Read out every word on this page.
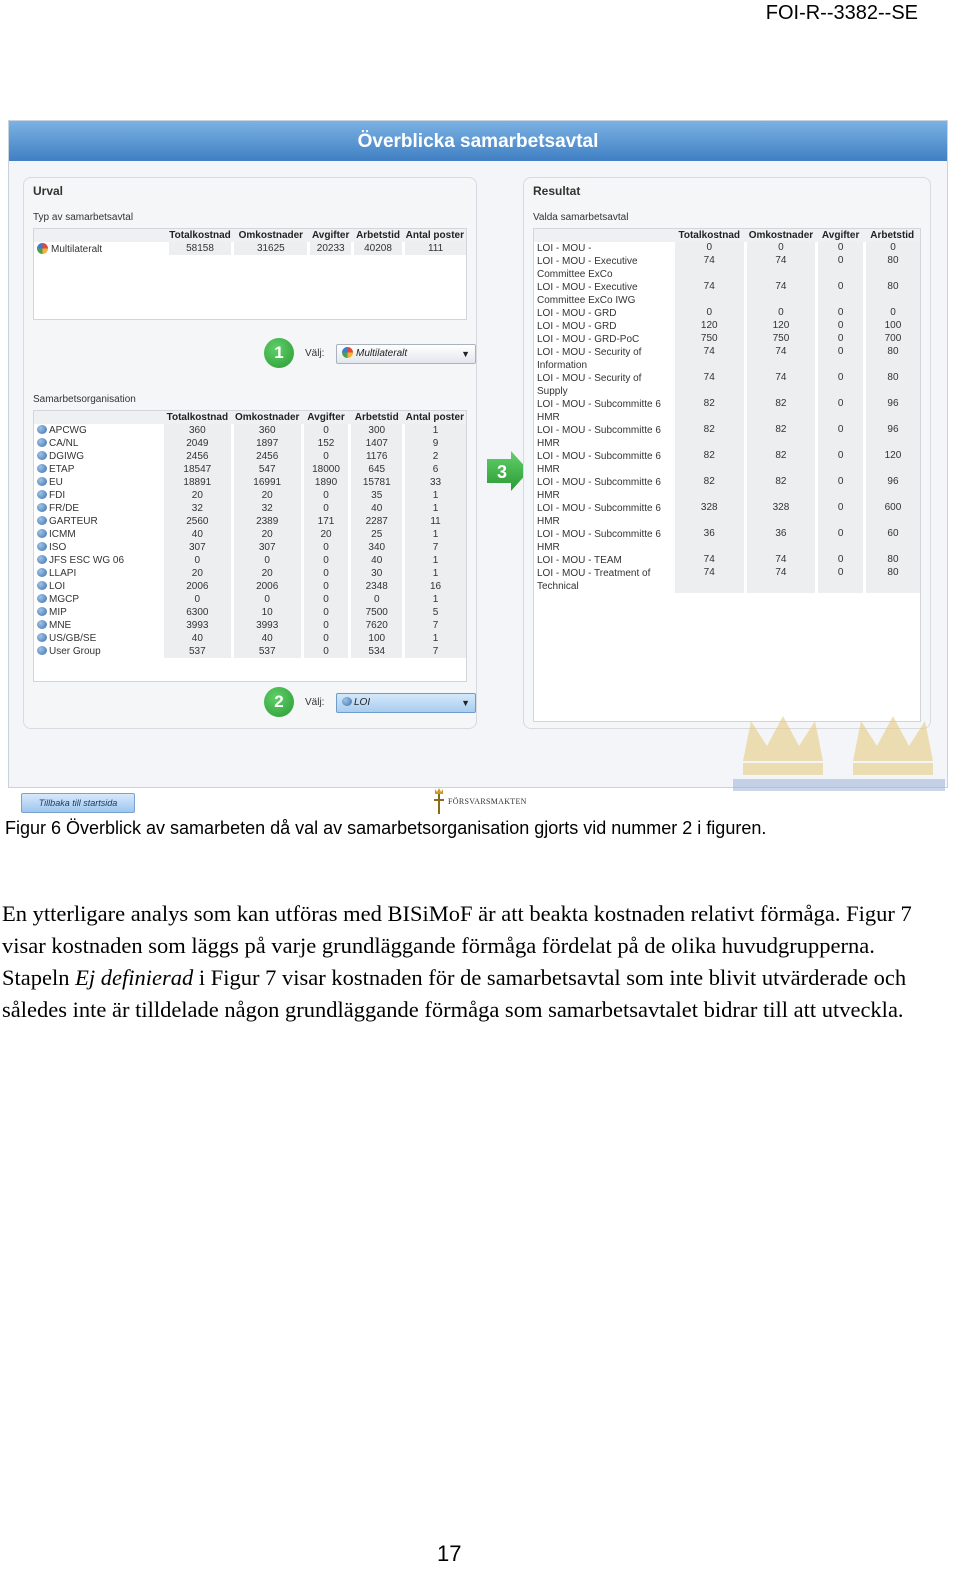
FOI-R--3382--SE
Överblicka samarbetsavtal
Urval
Typ av samarbetsavtal
	Totalkostnad	Omkostnader	Avgifter	Arbetstid	Antal poster
Multilateralt	58158	31625	20233	40208	111
1	Välj:	Multilateralt	▼
Samarbetsorganisation
	Totalkostnad	Omkostnader	Avgifter	Arbetstid	Antal poster
APCWG	360	360	0	300	1
CA/NL	2049	1897	152	1407	9
DGIWG	2456	2456	0	1176	2
ETAP	18547	547	18000	645	6
EU	18891	16991	1890	15781	33
FDI	20	20	0	35	1
FR/DE	32	32	0	40	1
GARTEUR	2560	2389	171	2287	11
ICMM	40	20	20	25	1
ISO	307	307	0	340	7
JFS ESC WG 06	0	0	0	40	1
LLAPI	20	20	0	30	1
LOI	2006	2006	0	2348	16
MGCP	0	0	0	0	1
MIP	6300	10	0	7500	5
MNE	3993	3993	0	7620	7
US/GB/SE	40	40	0	100	1
User Group	537	537	0	534	7
2	Välj:	LOI	▼
3
Resultat
Valda samarbetsavtal
	Totalkostnad	Omkostnader	Avgifter	Arbetstid
LOI - MOU -	0	0	0	0
LOI - MOU - Executive
Committee ExCo	74	74	0	80
LOI - MOU - Executive
Committee ExCo IWG	74	74	0	80
LOI - MOU - GRD	0	0	0	0
LOI - MOU - GRD	120	120	0	100
LOI - MOU - GRD-PoC	750	750	0	700
LOI - MOU - Security of
Information	74	74	0	80
LOI - MOU - Security of
Supply	74	74	0	80
LOI - MOU - Subcommitte 6
HMR	82	82	0	96
LOI - MOU - Subcommitte 6
HMR	82	82	0	96
LOI - MOU - Subcommitte 6
HMR	82	82	0	120
LOI - MOU - Subcommitte 6
HMR	82	82	0	96
LOI - MOU - Subcommitte 6
HMR	328	328	0	600
LOI - MOU - Subcommitte 6
HMR	36	36	0	60
LOI - MOU - TEAM	74	74	0	80
LOI - MOU - Treatment of
Technical	74	74	0	80
Tillbaka till startsida	FÖRSVARSMAKTEN
Figur 6 Överblick av samarbeten då val av samarbetsorganisation gjorts vid nummer 2 i figuren.

En ytterligare analys som kan utföras med BISiMoF är att beakta kostnaden relativt förmåga. Figur 7 visar kostnaden som läggs på varje grundläggande förmåga fördelat på de olika huvudgrupperna. Stapeln Ej definierad i Figur 7 visar kostnaden för de samarbetsavtal som inte blivit utvärderade och således inte är tilldelade någon grundläggande förmåga som samarbetsavtalet bidrar till att utveckla.

17
